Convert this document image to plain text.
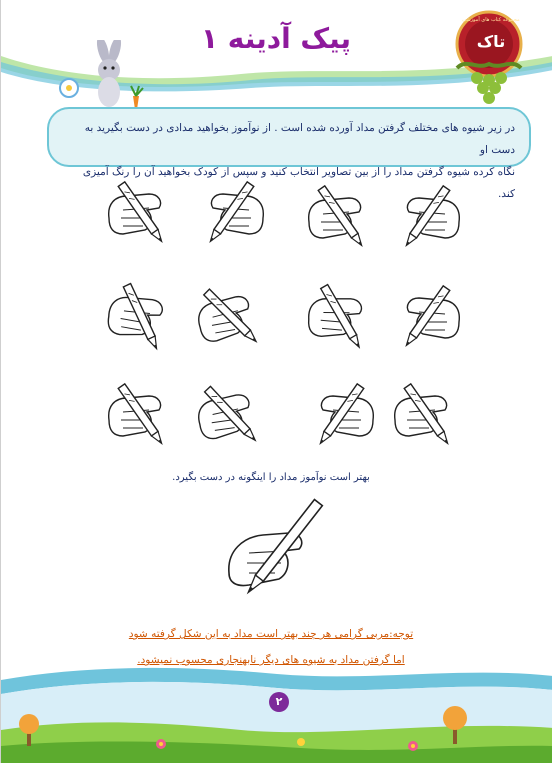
پیک آدینه ۱
مجموعه کتاب های آموزشی
تاک
در زیر شیوه های مختلف گرفتن مداد آورده شده است . از نوآموز بخواهید مدادی در دست بگیرید به دست او
نگاه کرده شیوه گرفتن مداد را از بین تصاویر انتخاب کنید و سپس از کودک بخواهید آن را رنگ آمیزی کند.
بهتر است نوآموز مداد را اینگونه در دست بگیرد.
توجه:مربی گرامی هر چند بهتر است مداد به این شکل گرفته شود
اما گرفتن مداد به شیوه های دیگر نابهنجاری محسوب نمیشود.
۲
